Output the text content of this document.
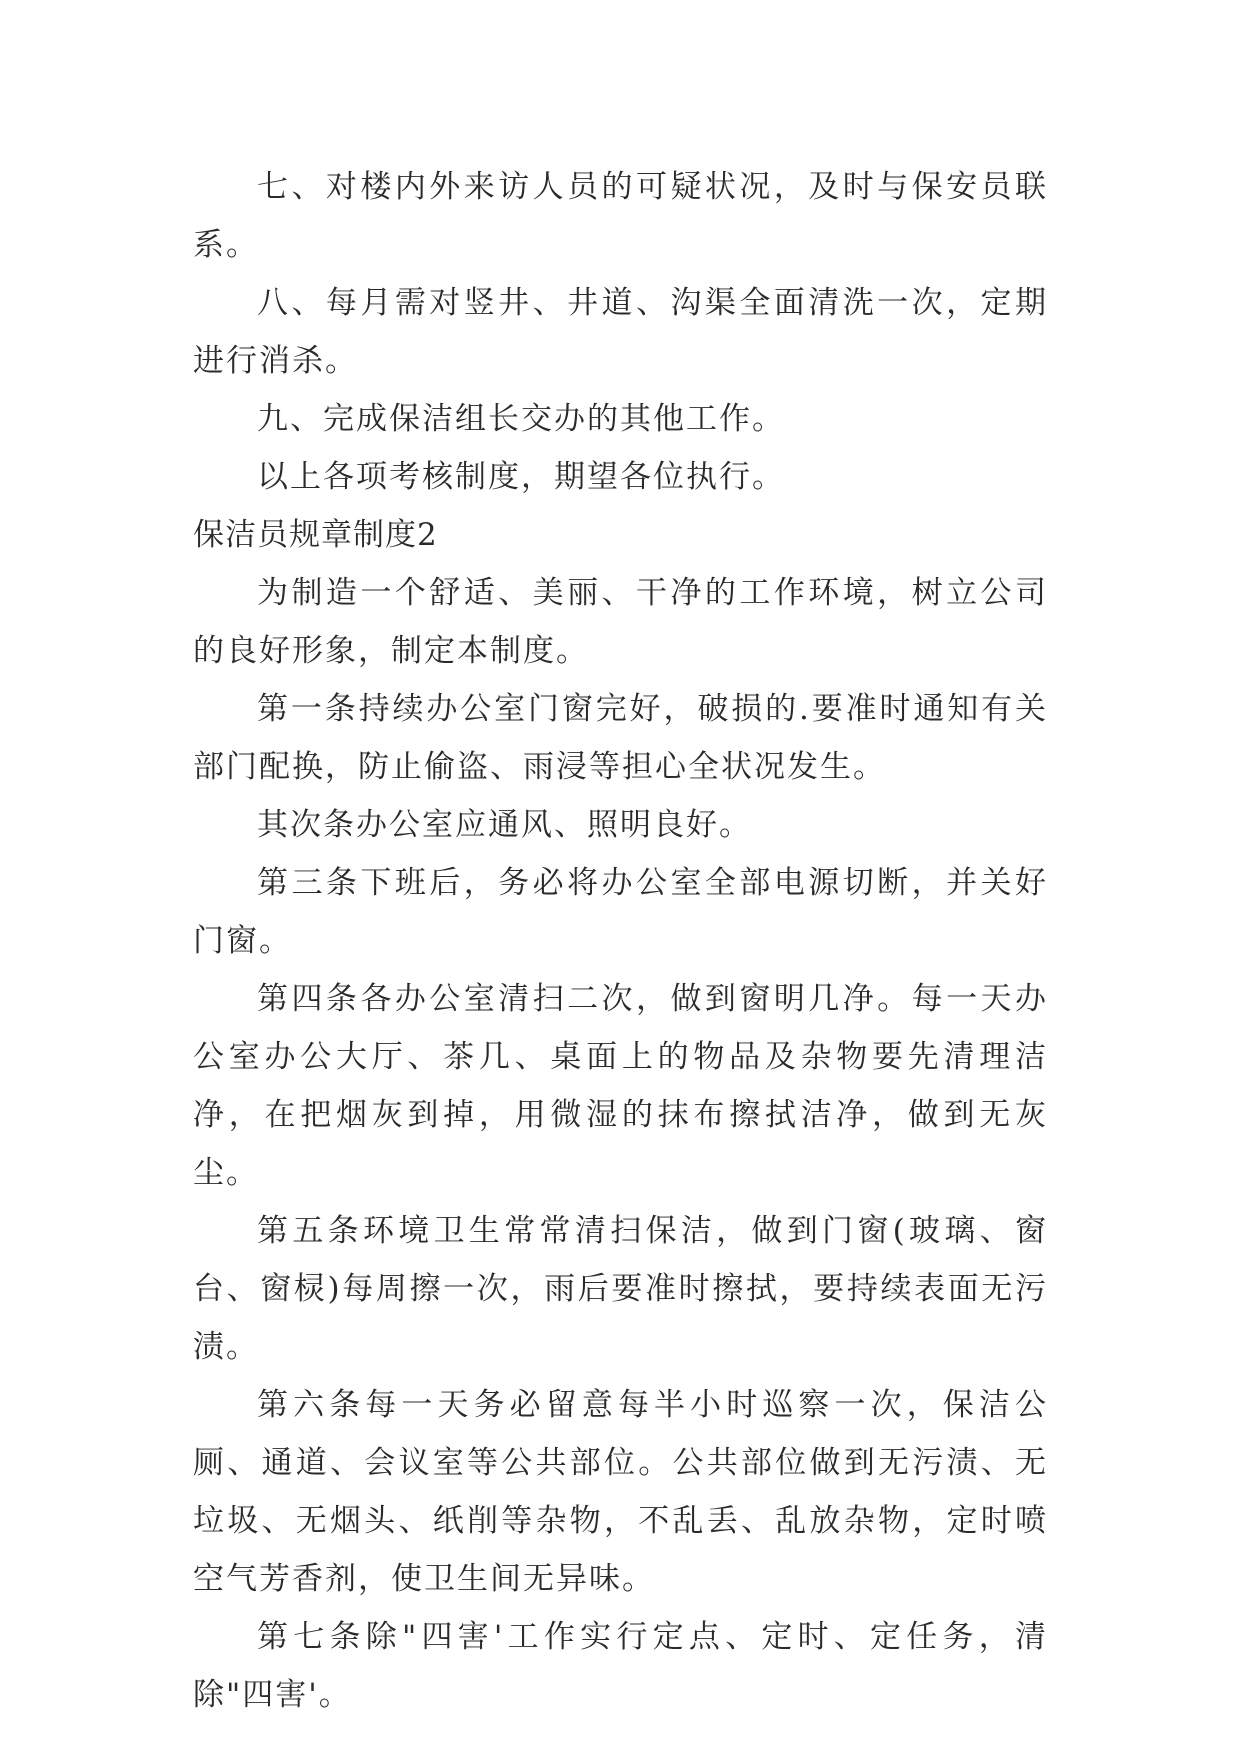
七、对楼内外来访人员的可疑状况，及时与保安员联系。

八、每月需对竖井、井道、沟渠全面清洗一次，定期进行消杀。

九、完成保洁组长交办的其他工作。

以上各项考核制度，期望各位执行。

保洁员规章制度2

为制造一个舒适、美丽、干净的工作环境，树立公司的良好形象，制定本制度。

第一条持续办公室门窗完好，破损的.要准时通知有关部门配换，防止偷盗、雨浸等担心全状况发生。

其次条办公室应通风、照明良好。

第三条下班后，务必将办公室全部电源切断，并关好门窗。

第四条各办公室清扫二次，做到窗明几净。每一天办公室办公大厅、茶几、桌面上的物品及杂物要先清理洁净，在把烟灰到掉，用微湿的抹布擦拭洁净，做到无灰尘。

第五条环境卫生常常清扫保洁，做到门窗(玻璃、窗台、窗棂)每周擦一次，雨后要准时擦拭，要持续表面无污渍。

第六条每一天务必留意每半小时巡察一次，保洁公厕、通道、会议室等公共部位。公共部位做到无污渍、无垃圾、无烟头、纸削等杂物，不乱丢、乱放杂物，定时喷空气芳香剂，使卫生间无异味。

第七条除"四害'工作实行定点、定时、定任务，清除"四害'。
